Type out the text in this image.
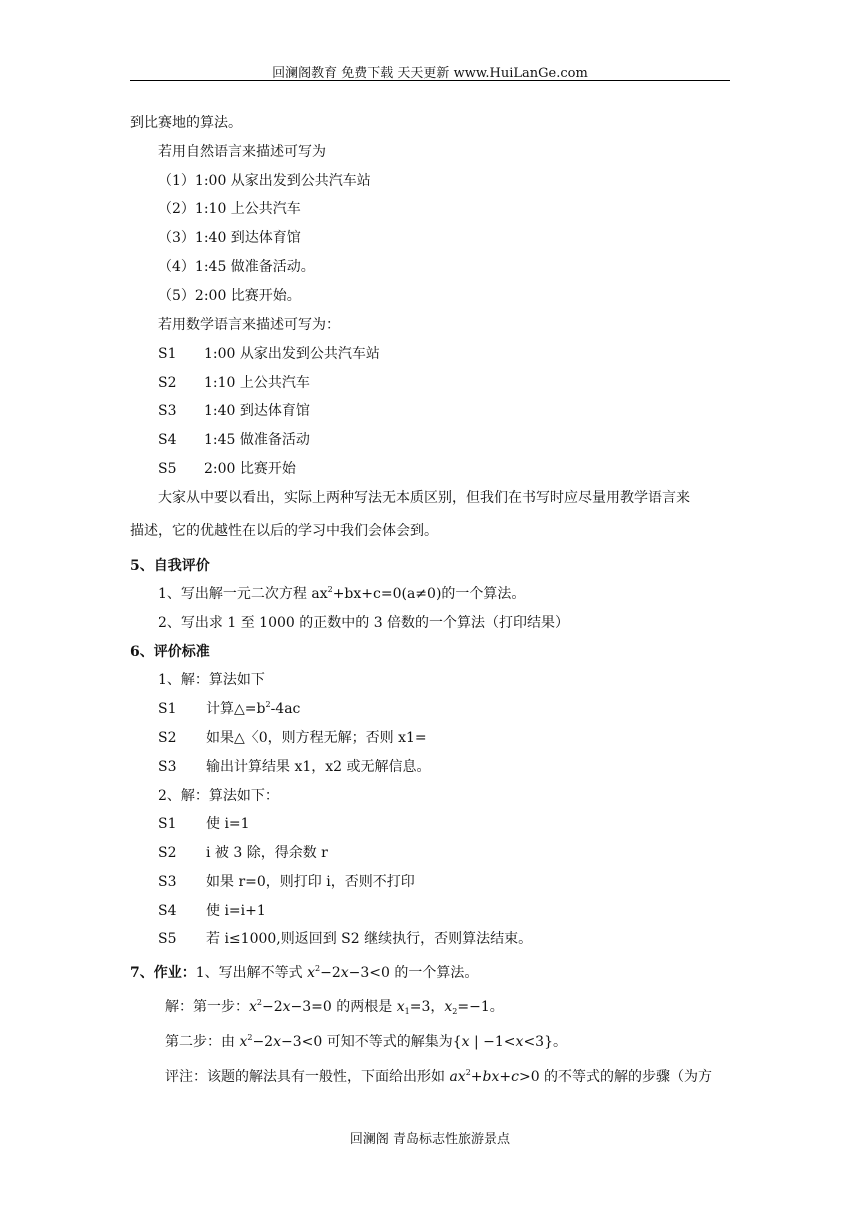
回澜阁教育 免费下载 天天更新 www.HuiLanGe.com
到比赛地的算法。
若用自然语言来描述可写为
（1）1:00 从家出发到公共汽车站
（2）1:10 上公共汽车
（3）1:40 到达体育馆
（4）1:45 做准备活动。
（5）2:00 比赛开始。
若用数学语言来描述可写为：
S1 1:00 从家出发到公共汽车站
S2 1:10 上公共汽车
S3 1:40 到达体育馆
S4 1:45 做准备活动
S5 2:00 比赛开始
大家从中要以看出，实际上两种写法无本质区别，但我们在书写时应尽量用教学语言来
描述，它的优越性在以后的学习中我们会体会到。
5、自我评价
1、写出解一元二次方程 $ax^2+bx+c=0(a\ne 0)$的一个算法。
2、写出求 1 至 1000 的正数中的 3 倍数的一个算法（打印结果）
6、评价标准
1、解：算法如下
S1 计算$\triangle=b^2-4ac$
S2 如果△〈0，则方程无解；否则 x1=
S3 输出计算结果 x1，x2 或无解信息。
2、解：算法如下：
S1 使 i=1
S2 i 被 3 除，得余数 r
S3 如果 r=0，则打印 i，否则不打印
S4 使 i=i+1
S5 若 i≤1000,则返回到 S2 继续执行，否则算法结束。
7、作业：1、写出解不等式 $x^2-2x-3<0$ 的一个算法。
解：第一步：$x^2-2x-3=0$ 的两根是 $x_1=3$，$x_2=-1$。
第二步：由 $x^2-2x-3<0$ 可知不等式的解集为{x | −1<x<3}。
评注：该题的解法具有一般性，下面给出形如 $ax^2+bx+c>0$ 的不等式的解的步骤（为方
回澜阁 青岛标志性旅游景点
